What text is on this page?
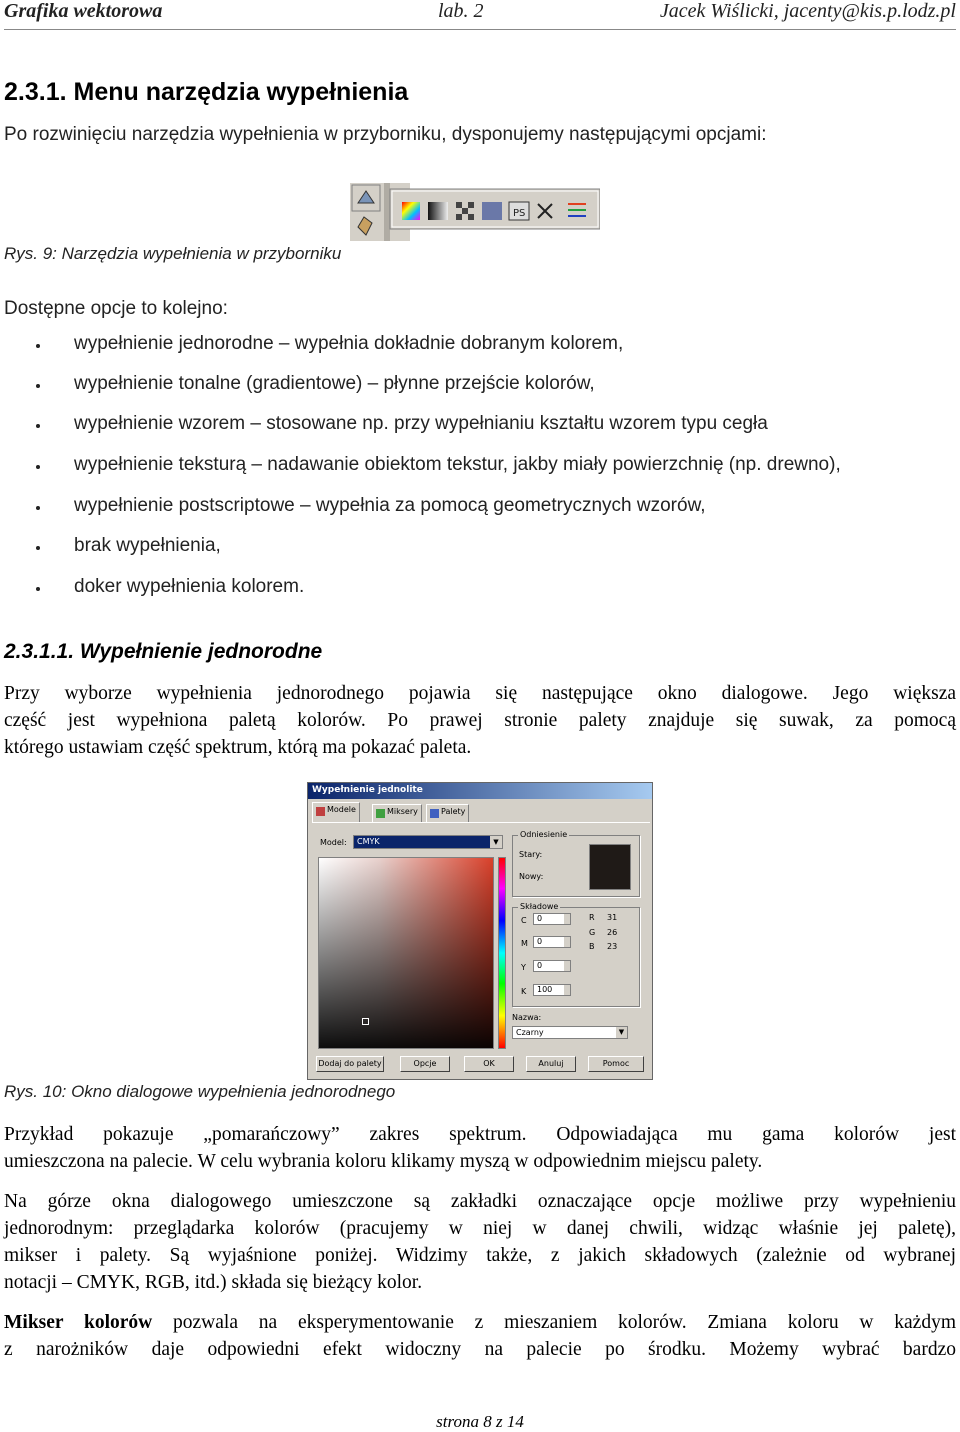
Grafika wektorowa	lab. 2	Jacek Wiślicki, jacenty@kis.p.lodz.pl
2.3.1. Menu narzędzia wypełnienia
Po rozwinięciu narzędzia wypełnienia w przyborniku, dysponujemy następującymi opcjami:
PS
Rys. 9: Narzędzia wypełnienia w przyborniku
Dostępne opcje to kolejno:
wypełnienie jednorodne – wypełnia dokładnie dobranym kolorem,
wypełnienie tonalne (gradientowe) – płynne przejście kolorów,
wypełnienie wzorem – stosowane np. przy wypełnianiu kształtu wzorem typu cegła
wypełnienie teksturą – nadawanie obiektom tekstur, jakby miały powierzchnię (np. drewno),
wypełnienie postscriptowe – wypełnia za pomocą geometrycznych wzorów,
brak wypełnienia,
doker wypełnienia kolorem.
2.3.1.1. Wypełnienie jednorodne
Przy wyborze wypełnienia jednorodnego pojawia się następujące okno dialogowe. Jego większa
część jest wypełniona paletą kolorów. Po prawej stronie palety znajduje się suwak, za pomocą
którego ustawiam część spektrum, którą ma pokazać paleta.
Wypełnienie jednolite
Modele	Miksery	Palety
Model:	CMYK	▼
Odniesienie
Stary:
Nowy:
Składowe
C	0
M	0
Y	0
K	100
R 31
G 26
B 23
Nazwa:
Czarny	▼
Dodaj do palety	Opcje	OK	Anuluj	Pomoc
Rys. 10: Okno dialogowe wypełnienia jednorodnego
Przykład pokazuje „pomarańczowy” zakres spektrum. Odpowiadająca mu gama kolorów jest
umieszczona na palecie. W celu wybrania koloru klikamy myszą w odpowiednim miejscu palety.
Na górze okna dialogowego umieszczone są zakładki oznaczające opcje możliwe przy wypełnieniu
jednorodnym: przeglądarka kolorów (pracujemy w niej w danej chwili, widząc właśnie jej paletę),
mikser i palety. Są wyjaśnione poniżej. Widzimy także, z jakich składowych (zależnie od wybranej
notacji – CMYK, RGB, itd.) składa się bieżący kolor.
Mikser kolorów pozwala na eksperymentowanie z mieszaniem kolorów. Zmiana koloru w każdym
z narożników daje odpowiedni efekt widoczny na palecie po środku. Możemy wybrać bardzo
strona 8 z 14
